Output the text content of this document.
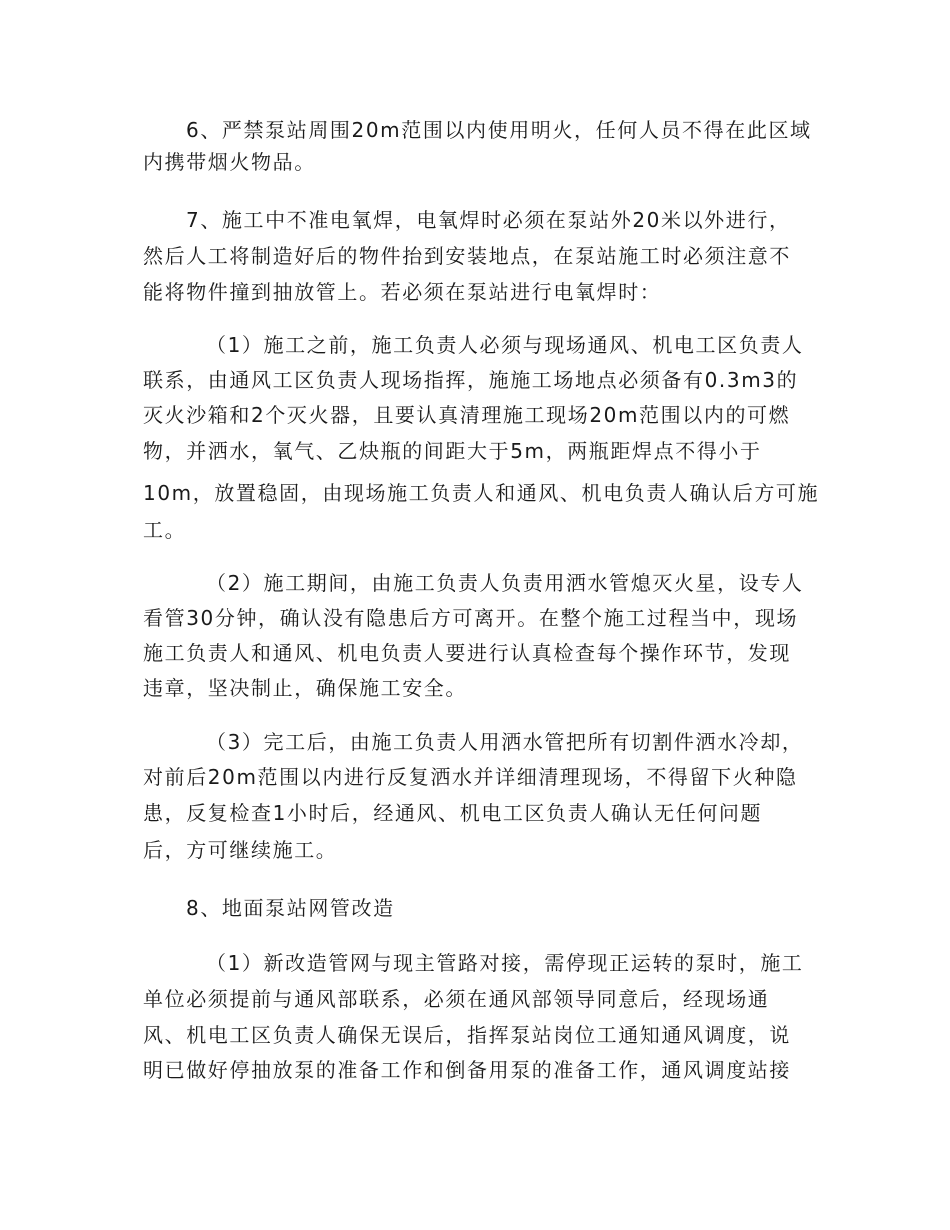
6、严禁泵站周围20m范围以内使用明火，任何人员不得在此区域
内携带烟火物品。
7、施工中不准电氧焊，电氧焊时必须在泵站外20米以外进行，
然后人工将制造好后的物件抬到安装地点，在泵站施工时必须注意不
能将物件撞到抽放管上。若必须在泵站进行电氧焊时：
（1）施工之前，施工负责人必须与现场通风、机电工区负责人
联系，由通风工区负责人现场指挥，施施工场地点必须备有0.3m3的
灭火沙箱和2个灭火器，且要认真清理施工现场20m范围以内的可燃
物，并洒水，氧气、乙炔瓶的间距大于5m，两瓶距焊点不得小于
10m，放置稳固，由现场施工负责人和通风、机电负责人确认后方可施
工。
（2）施工期间，由施工负责人负责用洒水管熄灭火星，设专人
看管30分钟，确认没有隐患后方可离开。在整个施工过程当中，现场
施工负责人和通风、机电负责人要进行认真检查每个操作环节，发现
违章，坚决制止，确保施工安全。
（3）完工后，由施工负责人用洒水管把所有切割件洒水冷却，
对前后20m范围以内进行反复洒水并详细清理现场，不得留下火种隐
患，反复检查1小时后，经通风、机电工区负责人确认无任何问题
后，方可继续施工。
8、地面泵站网管改造
（1）新改造管网与现主管路对接，需停现正运转的泵时，施工
单位必须提前与通风部联系，必须在通风部领导同意后，经现场通
风、机电工区负责人确保无误后，指挥泵站岗位工通知通风调度，说
明已做好停抽放泵的准备工作和倒备用泵的准备工作，通风调度站接
